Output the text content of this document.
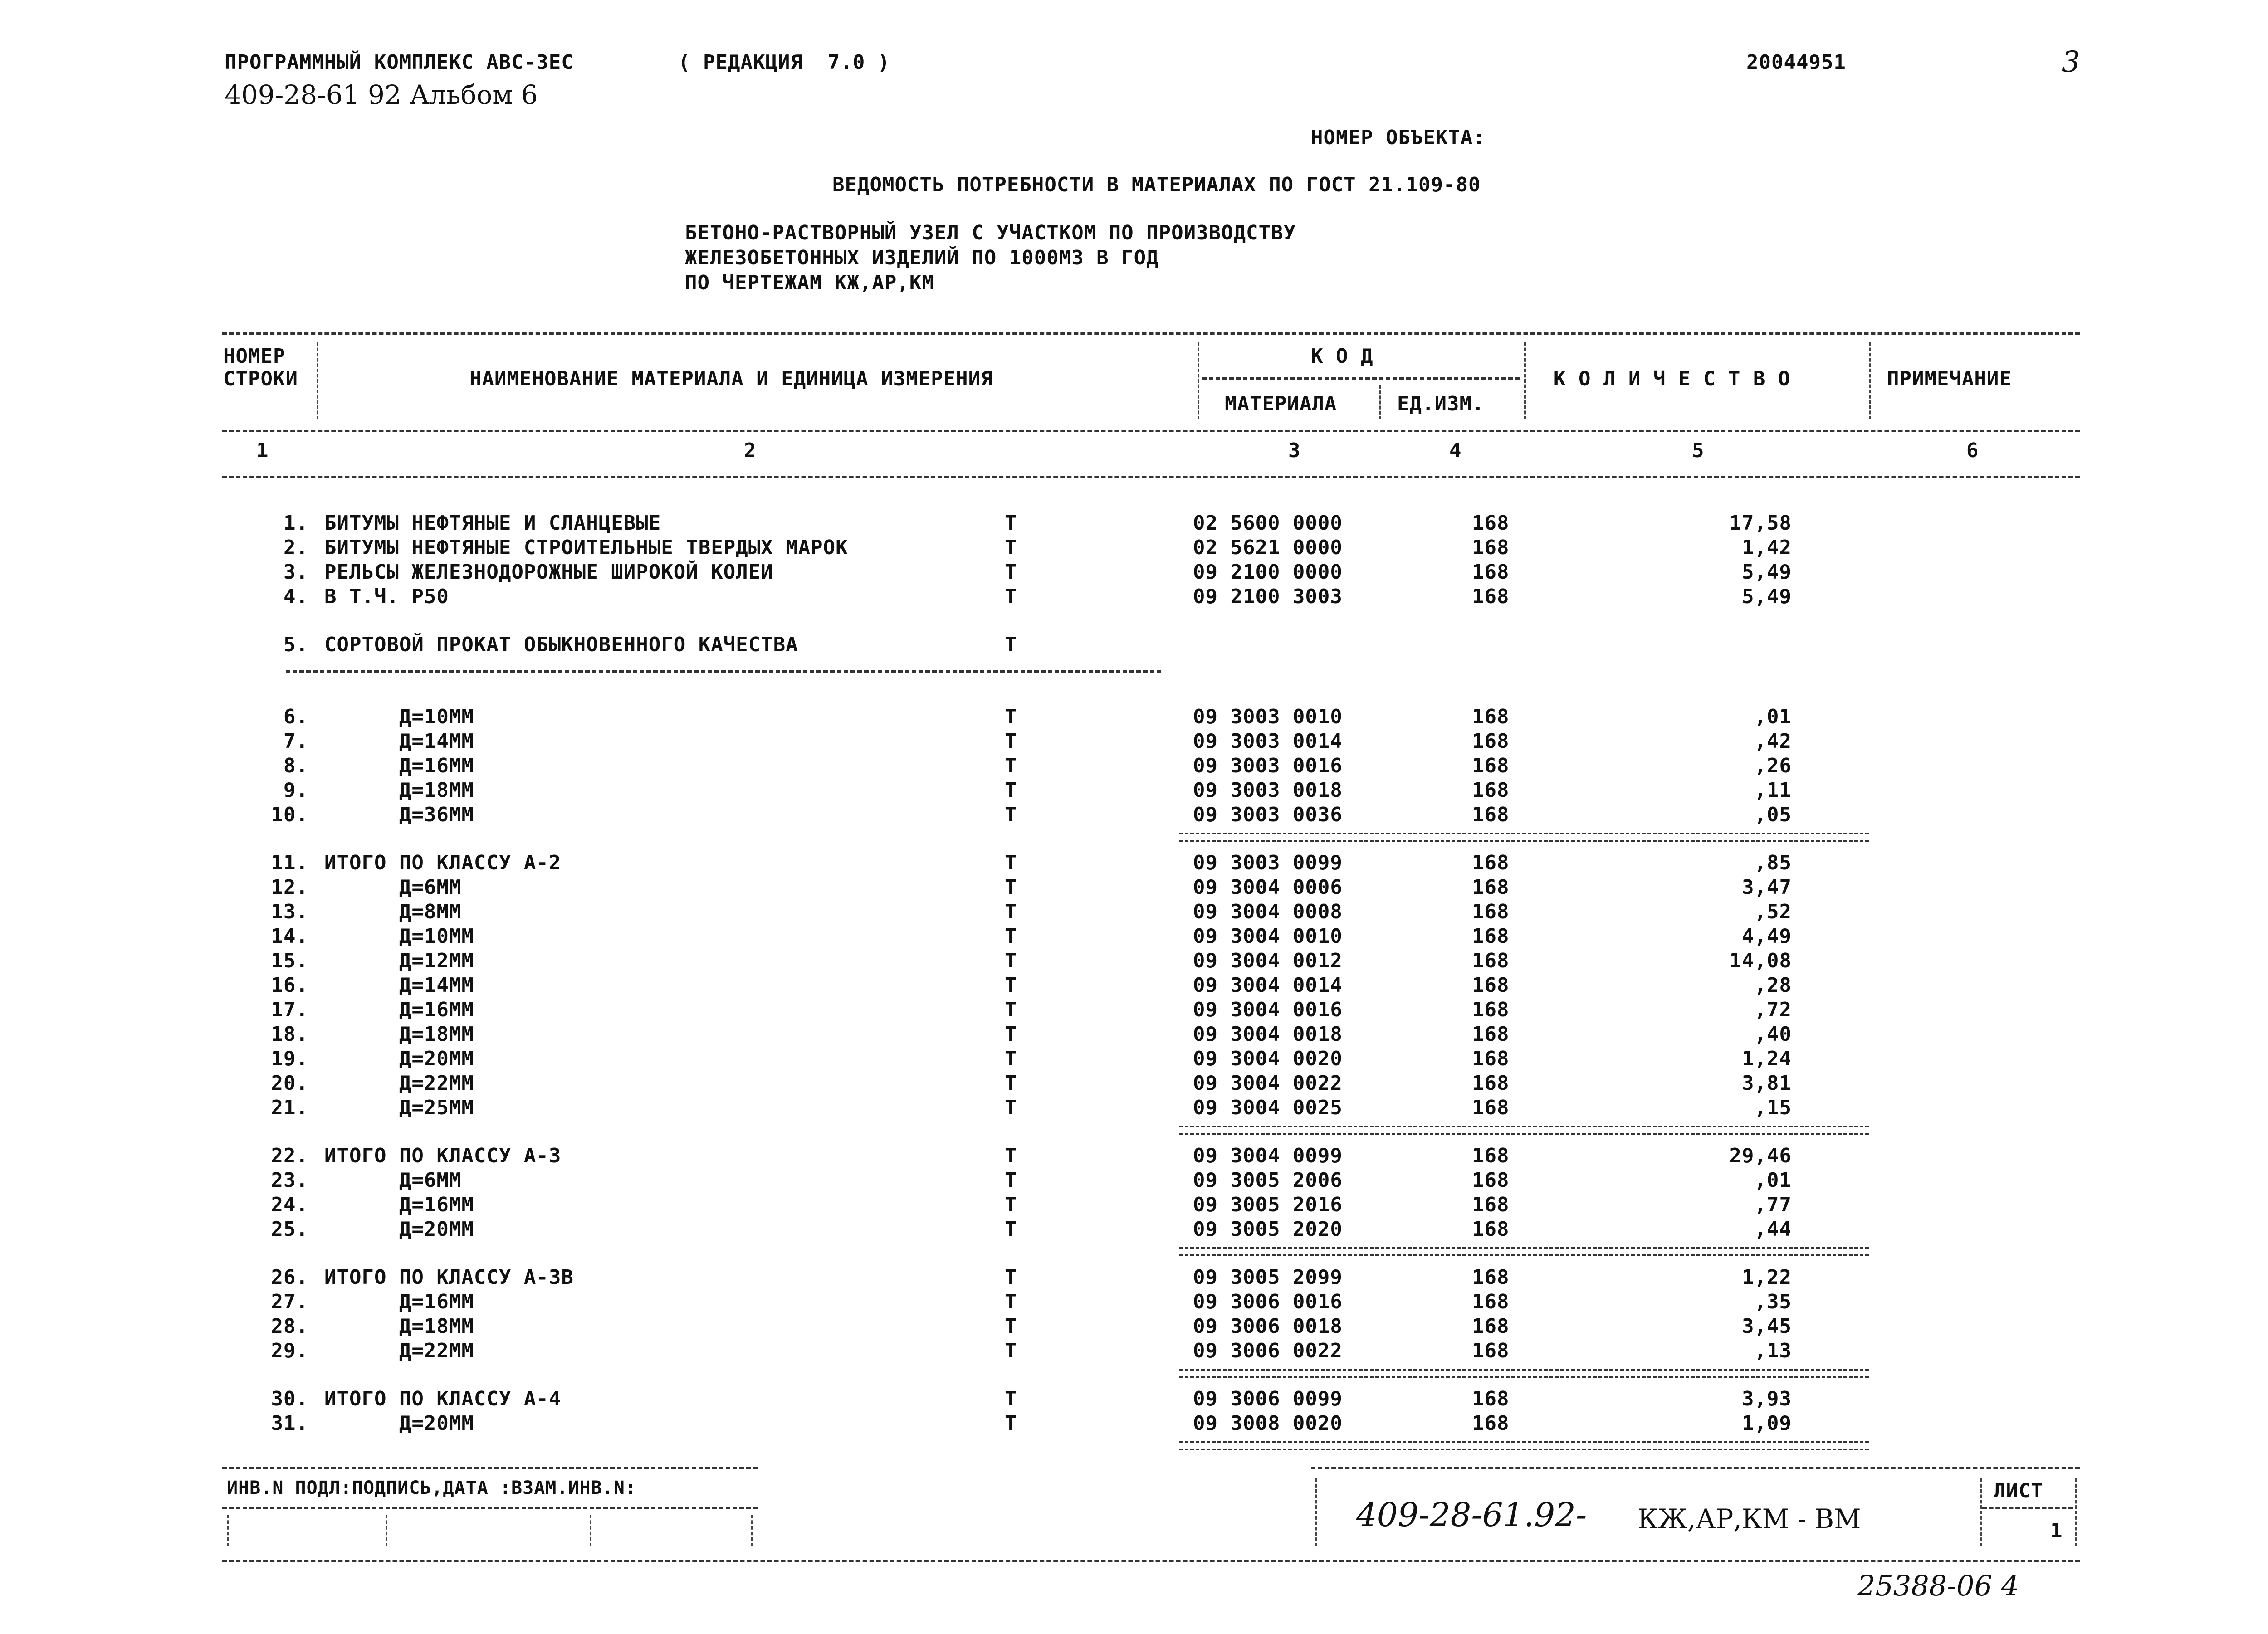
ПРОГРАММНЫЙ КОМПЛЕКС АВС-3ЕС	( РЕДАКЦИЯ  7.0 )	20044951	3
409-28-61 92 Альбом 6
НОМЕР ОБЪЕКТА:
ВЕДОМОСТЬ ПОТРЕБНОСТИ В МАТЕРИАЛАХ ПО ГОСТ 21.109-80
БЕТОНО-РАСТВОРНЫЙ УЗЕЛ С УЧАСТКОМ ПО ПРОИЗВОДСТВУ
ЖЕЛЕЗОБЕТОННЫХ ИЗДЕЛИЙ ПО 1000М3 В ГОД
ПО ЧЕРТЕЖАМ КЖ,АР,КМ
НОМЕР
СТРОКИ	НАИМЕНОВАНИЕ МАТЕРИАЛА И ЕДИНИЦА ИЗМЕРЕНИЯ
К О Д
МАТЕРИАЛА	ЕД.ИЗМ.
К О Л И Ч Е С Т В О	ПРИМЕЧАНИЕ
1	2	3	4	5	6
1. БИТУМЫ НЕФТЯНЫЕ И СЛАНЦЕВЫЕ	Т	02 5600 0000	168	17,58
2. БИТУМЫ НЕФТЯНЫЕ СТРОИТЕЛЬНЫЕ ТВЕРДЫХ МАРОК	Т	02 5621 0000	168	1,42
3. РЕЛЬСЫ ЖЕЛЕЗНОДОРОЖНЫЕ ШИРОКОЙ КОЛЕИ	Т	09 2100 0000	168	5,49
4. В Т.Ч. Р50	Т	09 2100 3003	168	5,49
5. СОРТОВОЙ ПРОКАТ ОБЫКНОВЕННОГО КАЧЕСТВА	Т
6. Д=10ММ	Т	09 3003 0010	168	,01
7. Д=14ММ	Т	09 3003 0014	168	,42
8. Д=16ММ	Т	09 3003 0016	168	,26
9. Д=18ММ	Т	09 3003 0018	168	,11
10. Д=36ММ	Т	09 3003 0036	168	,05
11. ИТОГО ПО КЛАССУ А-2	Т	09 3003 0099	168	,85
12. Д=6ММ	Т	09 3004 0006	168	3,47
13. Д=8ММ	Т	09 3004 0008	168	,52
14. Д=10ММ	Т	09 3004 0010	168	4,49
15. Д=12ММ	Т	09 3004 0012	168	14,08
16. Д=14ММ	Т	09 3004 0014	168	,28
17. Д=16ММ	Т	09 3004 0016	168	,72
18. Д=18ММ	Т	09 3004 0018	168	,40
19. Д=20ММ	Т	09 3004 0020	168	1,24
20. Д=22ММ	Т	09 3004 0022	168	3,81
21. Д=25ММ	Т	09 3004 0025	168	,15
22. ИТОГО ПО КЛАССУ А-3	Т	09 3004 0099	168	29,46
23. Д=6ММ	Т	09 3005 2006	168	,01
24. Д=16ММ	Т	09 3005 2016	168	,77
25. Д=20ММ	Т	09 3005 2020	168	,44
26. ИТОГО ПО КЛАССУ А-3В	Т	09 3005 2099	168	1,22
27. Д=16ММ	Т	09 3006 0016	168	,35
28. Д=18ММ	Т	09 3006 0018	168	3,45
29. Д=22ММ	Т	09 3006 0022	168	,13
30. ИТОГО ПО КЛАССУ А-4	Т	09 3006 0099	168	3,93
31. Д=20ММ	Т	09 3008 0020	168	1,09
ИНВ.N ПОДЛ:ПОДПИСЬ,ДАТА :ВЗАМ.ИНВ.N:
409-28-61.92- КЖ,АР,КМ - ВМ
ЛИСТ
1
25388-06 4
